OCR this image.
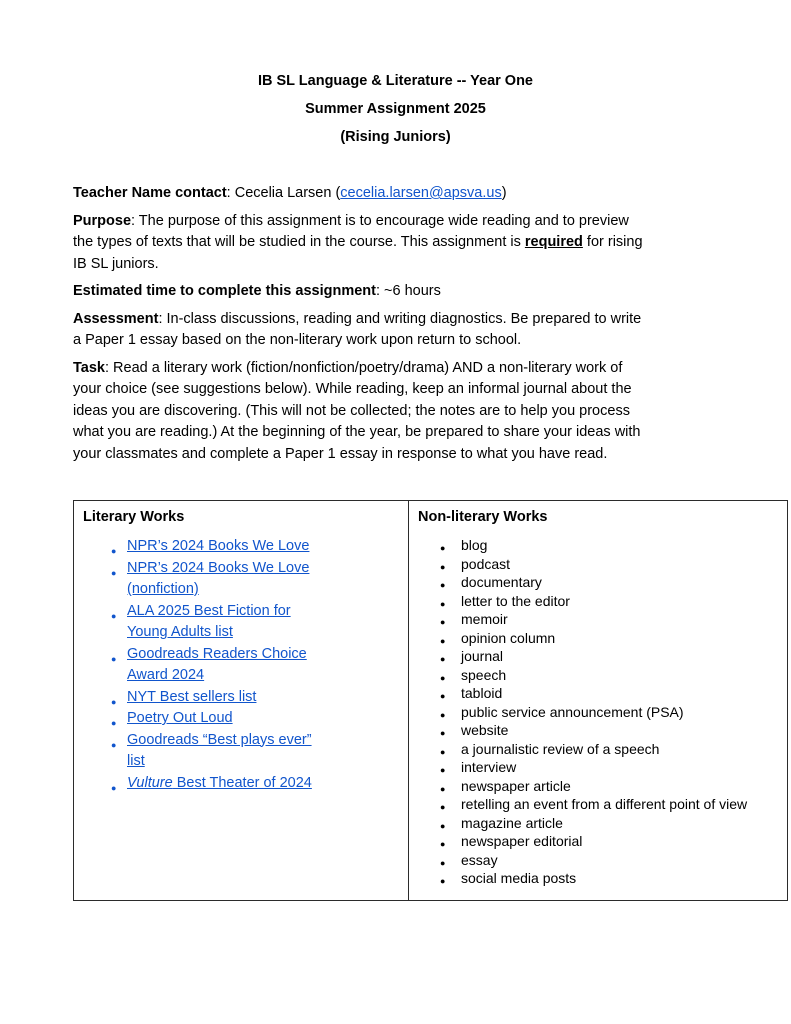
IB SL Language & Literature -- Year One

Summer Assignment 2025

(Rising Juniors)

Teacher Name contact: Cecelia Larsen (cecelia.larsen@apsva.us)

Purpose: The purpose of this assignment is to encourage wide reading and to preview the types of texts that will be studied in the course. This assignment is required for rising IB SL juniors.

Estimated time to complete this assignment: ~6 hours

Assessment: In-class discussions, reading and writing diagnostics. Be prepared to write a Paper 1 essay based on the non-literary work upon return to school.

Task: Read a literary work (fiction/nonfiction/poetry/drama) AND a non-literary work of your choice (see suggestions below). While reading, keep an informal journal about the ideas you are discovering. (This will not be collected; the notes are to help you process what you are reading.) At the beginning of the year, be prepared to share your ideas with your classmates and complete a Paper 1 essay in response to what you have read.

Literary Works
● NPR’s 2024 Books We Love
● NPR’s 2024 Books We Love (nonfiction)
● ALA 2025 Best Fiction for Young Adults list
● Goodreads Readers Choice Award 2024
● NYT Best sellers list
● Poetry Out Loud
● Goodreads “Best plays ever” list
● Vulture Best Theater of 2024

Non-literary Works
● blog
● podcast
● documentary
● letter to the editor
● memoir
● opinion column
● journal
● speech
● tabloid
● public service announcement (PSA)
● website
● a journalistic review of a speech
● interview
● newspaper article
● retelling an event from a different point of view
● magazine article
● newspaper editorial
● essay
● social media posts
